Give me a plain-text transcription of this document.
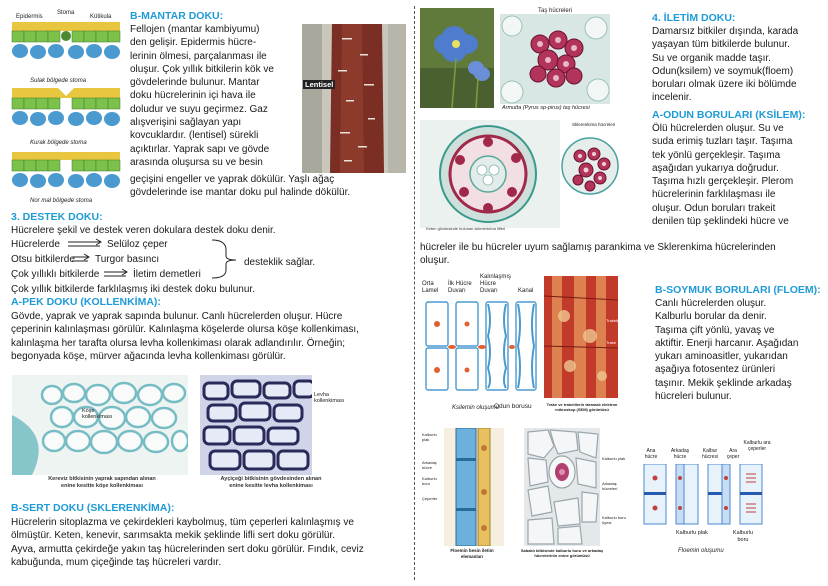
Epidermis
Stoma
Kütikula
Sulak bölgede stoma
Kurak bölgede stoma
Nor mal bölgede stoma
B-MANTAR DOKU:
Fellojen (mantar kambiyumu)
den gelişir. Epidermis hücre-
lerinin ölmesi, parçalanması ile
oluşur. Çok yıllık bitkilerin kök ve
gövdelerinde bulunur. Mantar
doku hücrelerinin içi hava ile
doludur ve suyu geçirmez. Gaz
alışverişini sağlayan yapı
kovcuklardır. (lentisel) sürekli
açıktırlar. Yaprak sapı ve gövde
arasında oluşursa su ve besin
Lentisel
geçişini engeller ve yaprak dökülür. Yaşlı ağaç
gövdelerinde ise mantar doku pul halinde dökülür.
3. DESTEK DOKU:
Hücrelere şekil ve destek veren dokulara destek doku denir.
Hücrelerde	Selüloz çeper
Otsu bitkilerde Turgor basıncı
Çok yıllıklı bitkilerde	İletim demetleri
desteklik sağlar.
Çok yıllık bitkilerde farklılaşmış iki destek doku bulunur.
A-PEK DOKU (KOLLENKİMA):
Gövde, yaprak ve yaprak sapında bulunur. Canlı hücrelerden oluşur. Hücre
çeperinin kalınlaşması görülür. Kalınlaşma köşelerde olursa köşe kollenkiması,
kalınlaşma her tarafta olursa levha kollenkiması olarak adlandırılır. Örneğin;
begonyada köşe, mürver ağacında levha kollenkiması görülür.
Köşe kollenkiması
Kereviz bitkisinin yaprak sapından alınan
enine kesitte köşe kollenkiması
Levha kollenkiması
Ayçiçeği bitkisinin gövdesinden alınan
enine kesitte levha kollenkiması
B-SERT DOKU (SKLERENKİMA):
Hücrelerin sitoplazma ve çekirdekleri kaybolmuş, tüm çeperleri kalınlaşmış ve
ölmüştür. Keten, kenevir, sarımsakta mekik şeklinde lifli sert doku görülür.
Ayva, armutta çekirdeğe yakın taş hücrelerinden sert doku görülür. Fındık, ceviz
kabuğunda, mum çiçeğinde taş hücreleri vardır.
Taş hücreleri
Armutta (Pyrus sp-pirus) taş hücresi
Keten gövdesinde bulunan sklerenkima lifleri
Sklerenkima hücreleri
4. İLETİM DOKU:
Damarsız bitkiler dışında, karada
yaşayan tüm bitkilerde bulunur.
Su ve organik madde taşır.
Odun(ksilem) ve soymuk(floem)
boruları olmak üzere iki bölümde
incelenir.
A-ODUN BORULARI (KSİLEM):
Ölü hücrelerden oluşur. Su ve
suda erimiş tuzları taşır. Taşıma
tek yönlü gerçekleşir. Taşıma
aşağıdan yukarıya doğrudur.
Taşıma hızlı gerçekleşir. Plerom
hücrelerinin farklılaşması ile
oluşur. Odun boruları trakeit
denilen tüp şeklindeki hücre ve
hücreler ile bu hücreler uyum sağlamış parankima ve Sklerenkima hücrelerinden
oluşur.
Orta Lamel
İlk Hücre Duvarı
Kalınlaşmış Hücre Duvarı	Kanal
Odun borusu
Ksilemin oluşumu
Trakeit
Trake
Trake ve trakeitlerin taramalı elektron
mikroskop (SEM) görüntüsü
B-SOYMUK BORULARI (FLOEM):
Canlı hücrelerden oluşur.
Kalburlu borular da denir.
Taşıma çift yönlü, yavaş ve
aktiftir. Enerji harcanır. Aşağıdan
yukarı aminoasitler, yukarıdan
aşağıya fotosentez ürünleri
taşınır. Mekik şeklinde arkadaş
hücreleri bulunur.
Kalburlu plak
Arkadaş hücre
Kalburlu boru
Çeperler
Floemin besin iletim
elemanları
Kalburlu plak
Arkadaş hücreleri
Kalburlu boru üyesi
Sabaklı bitkisinde kalburlu boru ve arkadaş
hücrelerinin enine görüntüsü
Ana hücre
Arkadaş hücre
Kalbur hücresi
Ara çeper
Kalburlu ara çeperler
Kalburlu plak	Kalburlu boru
Floemin oluşumu
